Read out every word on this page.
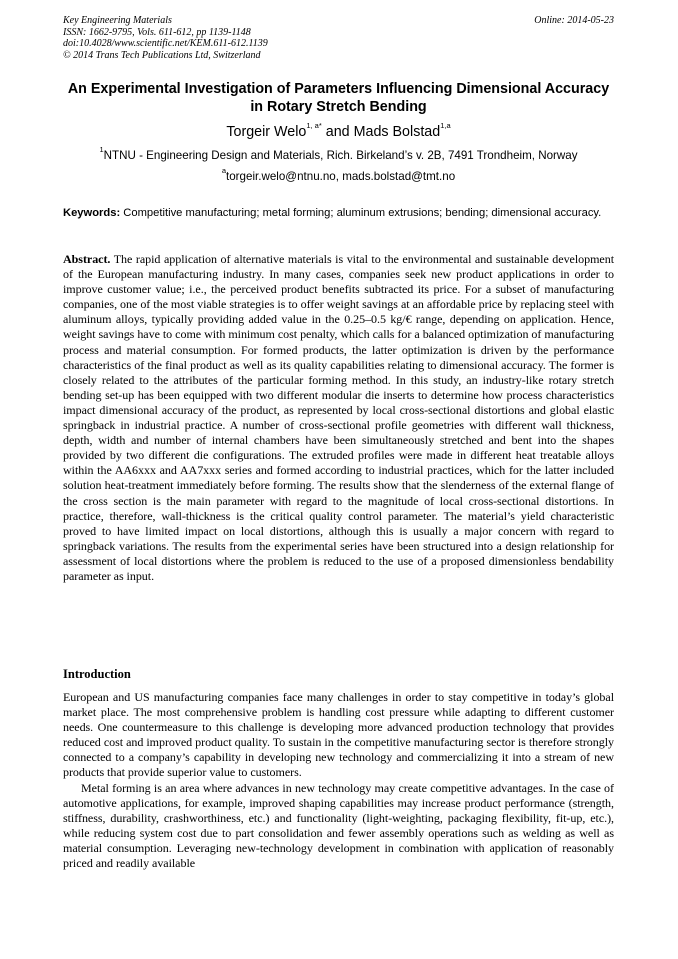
Key Engineering Materials
ISSN: 1662-9795, Vols. 611-612, pp 1139-1148
doi:10.4028/www.scientific.net/KEM.611-612.1139
© 2014 Trans Tech Publications Ltd, Switzerland
Online: 2014-05-23
An Experimental Investigation of Parameters Influencing Dimensional Accuracy in Rotary Stretch Bending
Torgeir Welo$^{1, a*}$ and Mads Bolstad$^{1,a}$
$^1$NTNU - Engineering Design and Materials, Rich. Birkeland’s v. 2B, 7491 Trondheim, Norway
$^a$torgeir.welo@ntnu.no, mads.bolstad@tmt.no
Keywords: Competitive manufacturing; metal forming; aluminum extrusions; bending; dimensional accuracy.
Abstract. The rapid application of alternative materials is vital to the environmental and sustainable development of the European manufacturing industry. In many cases, companies seek new product applications in order to improve customer value; i.e., the perceived product benefits subtracted its price. For a subset of manufacturing companies, one of the most viable strategies is to offer weight savings at an affordable price by replacing steel with aluminum alloys, typically providing added value in the 0.25–0.5 kg/€ range, depending on application. Hence, weight savings have to come with minimum cost penalty, which calls for a balanced optimization of manufacturing process and material consumption. For formed products, the latter optimization is driven by the performance characteristics of the final product as well as its quality capabilities relating to dimensional accuracy. The former is closely related to the attributes of the particular forming method. In this study, an industry-like rotary stretch bending set-up has been equipped with two different modular die inserts to determine how process characteristics impact dimensional accuracy of the product, as represented by local cross-sectional distortions and global elastic springback in industrial practice. A number of cross-sectional profile geometries with different wall thickness, depth, width and number of internal chambers have been simultaneously stretched and bent into the shapes provided by two different die configurations. The extruded profiles were made in different heat treatable alloys within the AA6xxx and AA7xxx series and formed according to industrial practices, which for the latter included solution heat-treatment immediately before forming. The results show that the slenderness of the external flange of the cross section is the main parameter with regard to the magnitude of local cross-sectional distortions. In practice, therefore, wall-thickness is the critical quality control parameter. The material’s yield characteristic proved to have limited impact on local distortions, although this is usually a major concern with regard to springback variations. The results from the experimental series have been structured into a design relationship for assessment of local distortions where the problem is reduced to the use of a proposed dimensionless bendability parameter as input.
Introduction

European and US manufacturing companies face many challenges in order to stay competitive in today’s global market place. The most comprehensive problem is handling cost pressure while adapting to different customer needs. One countermeasure to this challenge is developing more advanced production technology that provides reduced cost and improved product quality. To sustain in the competitive manufacturing sector is therefore strongly connected to a company’s capability in developing new technology and commercializing it into a stream of new products that provide superior value to customers.

Metal forming is an area where advances in new technology may create competitive advantages. In the case of automotive applications, for example, improved shaping capabilities may increase product performance (strength, stiffness, durability, crashworthiness, etc.) and functionality (light-weighting, packaging flexibility, fit-up, etc.), while reducing system cost due to part consolidation and fewer assembly operations such as welding as well as material consumption. Leveraging new-technology development in combination with application of reasonably priced and readily available
